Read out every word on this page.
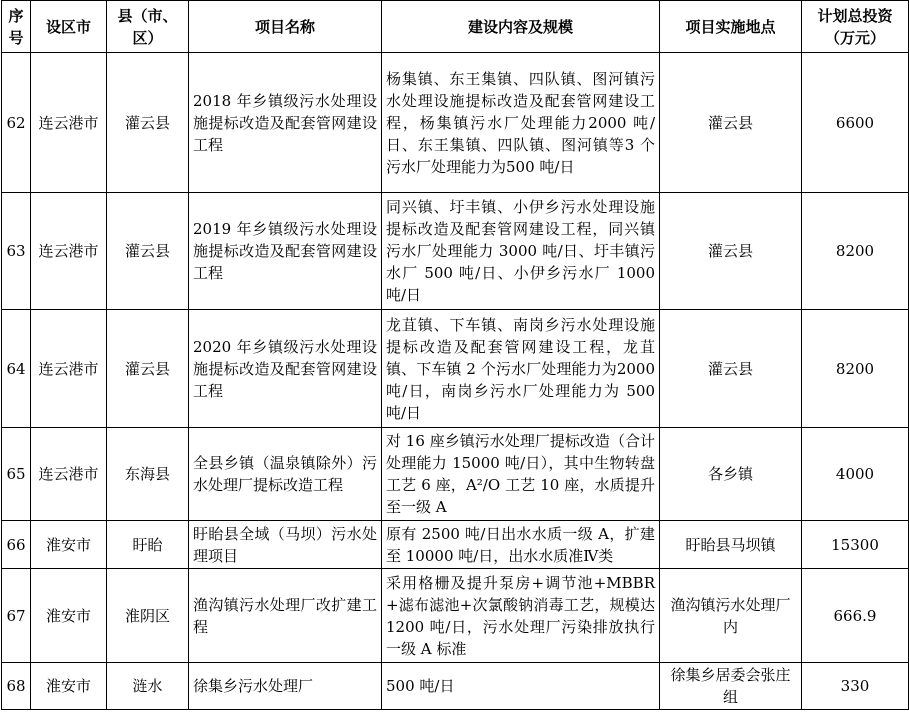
序号	设区市	县（市、区）	项目名称	建设内容及规模	项目实施地点	计划总投资（万元）
62	连云港市	灌云县	2018 年乡镇级污水处理设施提标改造及配套管网建设工程	杨集镇、东王集镇、四队镇、图河镇污水处理设施提标改造及配套管网建设工程，杨集镇污水厂处理能力2000 吨/日、东王集镇、四队镇、图河镇等3 个污水厂处理能力为500 吨/日	灌云县	6600
63	连云港市	灌云县	2019 年乡镇级污水处理设施提标改造及配套管网建设工程	同兴镇、圩丰镇、小伊乡污水处理设施提标改造及配套管网建设工程，同兴镇污水厂处理能力 3000 吨/日、圩丰镇污水厂 500 吨/日、小伊乡污水厂 1000 吨/日	灌云县	8200
64	连云港市	灌云县	2020 年乡镇级污水处理设施提标改造及配套管网建设工程	龙苴镇、下车镇、南岗乡污水处理设施提标改造及配套管网建设工程，龙苴镇、下车镇 2 个污水厂处理能力为2000 吨/日，南岗乡污水厂处理能力为 500 吨/日	灌云县	8200
65	连云港市	东海县	全县乡镇（温泉镇除外）污水处理厂提标改造工程	对 16 座乡镇污水处理厂提标改造（合计处理能力 15000 吨/日），其中生物转盘工艺 6 座，A²/O 工艺 10 座，水质提升至一级 A	各乡镇	4000
66	淮安市	盱眙	盱眙县全域（马坝）污水处理项目	原有 2500 吨/日出水水质一级 A，扩建至 10000 吨/日，出水水质准Ⅳ类	盱眙县马坝镇	15300
67	淮安市	淮阴区	渔沟镇污水处理厂改扩建工程	采用格栅及提升泵房+调节池+MBBR +滤布滤池+次氯酸钠消毒工艺，规模达 1200 吨/日，污水处理厂污染排放执行一级 A 标准	渔沟镇污水处理厂内	666.9
68	淮安市	涟水	徐集乡污水处理厂	500 吨/日	徐集乡居委会张庄组	330
